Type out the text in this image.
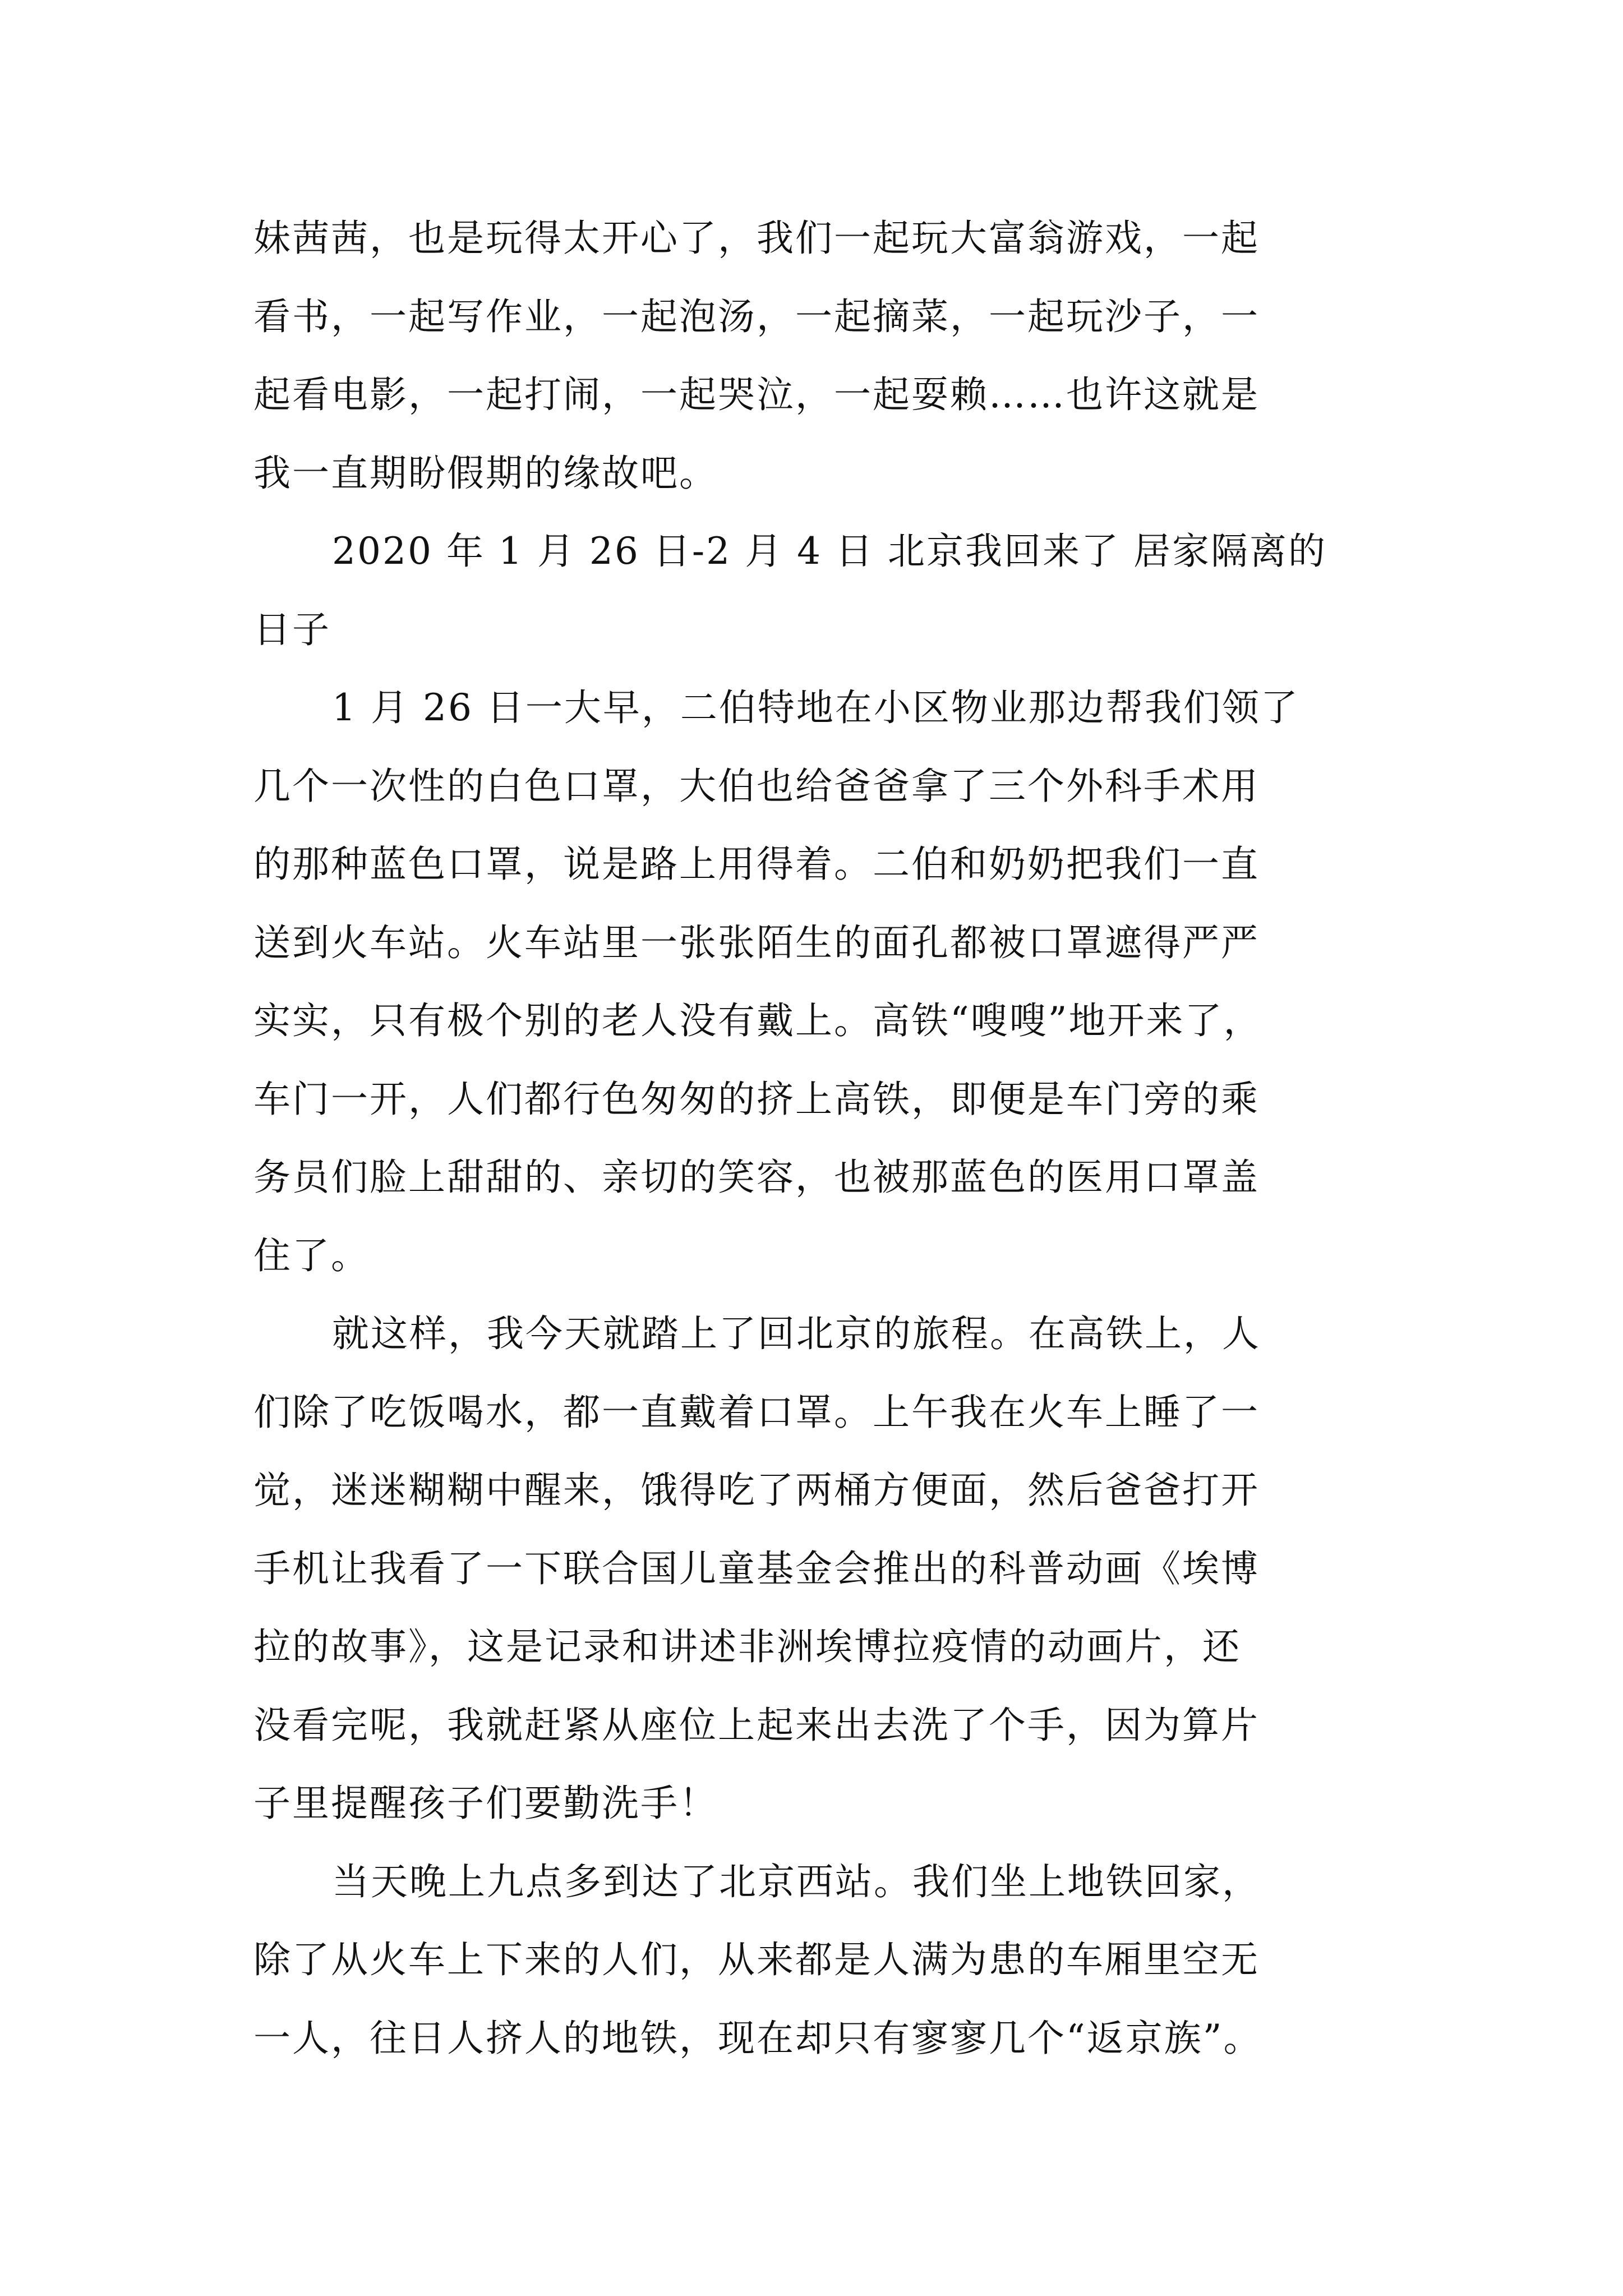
妹茜茜，也是玩得太开心了，我们一起玩大富翁游戏，一起

看书，一起写作业，一起泡汤，一起摘菜，一起玩沙子，一

起看电影，一起打闹，一起哭泣，一起耍赖……也许这就是

我一直期盼假期的缘故吧。

2020 年 1 月 26 日-2 月 4 日 北京我回来了 居家隔离的

日子

1 月 26 日一大早，二伯特地在小区物业那边帮我们领了

几个一次性的白色口罩，大伯也给爸爸拿了三个外科手术用

的那种蓝色口罩，说是路上用得着。二伯和奶奶把我们一直

送到火车站。火车站里一张张陌生的面孔都被口罩遮得严严

实实，只有极个别的老人没有戴上。高铁“嗖嗖”地开来了，

车门一开，人们都行色匆匆的挤上高铁，即便是车门旁的乘

务员们脸上甜甜的、亲切的笑容，也被那蓝色的医用口罩盖

住了。

就这样，我今天就踏上了回北京的旅程。在高铁上，人

们除了吃饭喝水，都一直戴着口罩。上午我在火车上睡了一

觉，迷迷糊糊中醒来，饿得吃了两桶方便面，然后爸爸打开

手机让我看了一下联合国儿童基金会推出的科普动画《埃博

拉的故事》，这是记录和讲述非洲埃博拉疫情的动画片，还

没看完呢，我就赶紧从座位上起来出去洗了个手，因为算片

子里提醒孩子们要勤洗手！

当天晚上九点多到达了北京西站。我们坐上地铁回家，

除了从火车上下来的人们，从来都是人满为患的车厢里空无

一人，往日人挤人的地铁，现在却只有寥寥几个“返京族”。
